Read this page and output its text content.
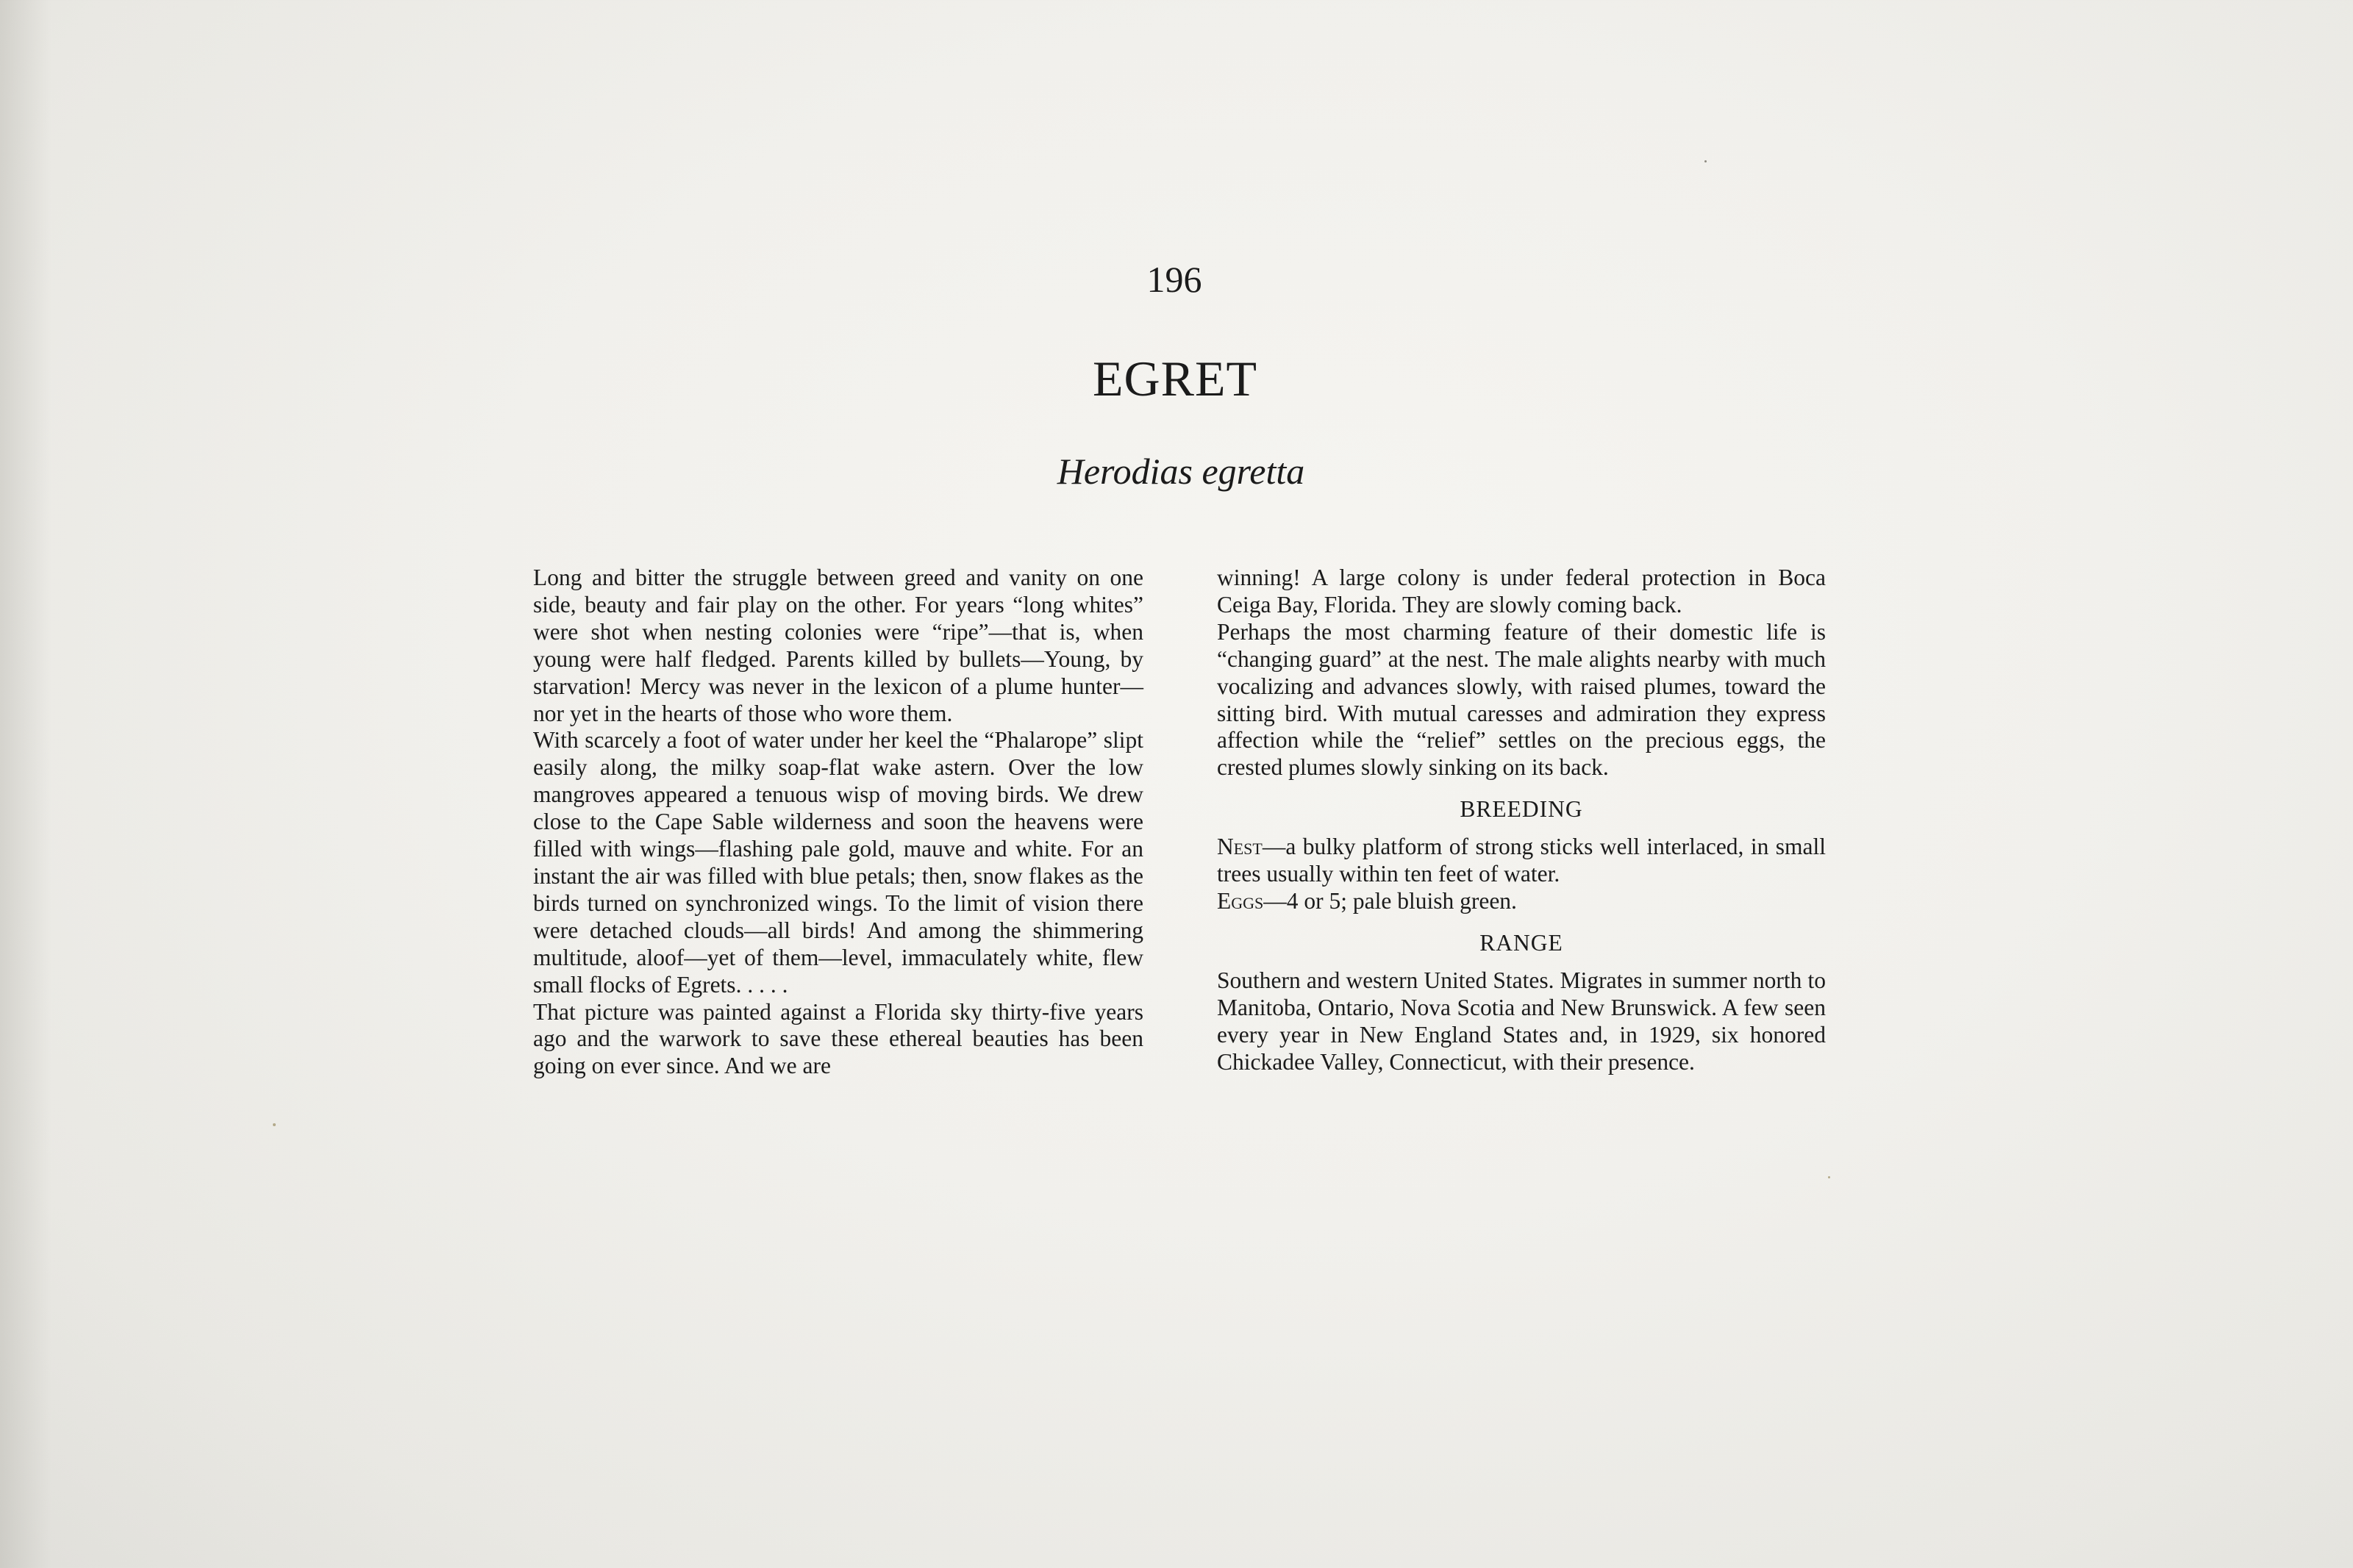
196
EGRET
Herodias egretta

Long and bitter the struggle between greed and vanity on one side, beauty and fair play on the other. For years “long whites” were shot when nesting colonies were “ripe”—that is, when young were half fledged. Parents killed by bullets—Young, by starvation! Mercy was never in the lexicon of a plume hunter—nor yet in the hearts of those who wore them.

With scarcely a foot of water under her keel the “Phalarope” slipt easily along, the milky soap-flat wake astern. Over the low mangroves appeared a tenuous wisp of moving birds. We drew close to the Cape Sable wilderness and soon the heavens were filled with wings—flashing pale gold, mauve and white. For an instant the air was filled with blue petals; then, snow flakes as the birds turned on synchronized wings. To the limit of vision there were detached clouds—all birds! And among the shimmering multitude, aloof—yet of them—level, immaculately white, flew small flocks of Egrets. . . . .

That picture was painted against a Florida sky thirty-five years ago and the warwork to save these ethereal beauties has been going on ever since. And we are

winning! A large colony is under federal protection in Boca Ceiga Bay, Florida. They are slowly coming back.

Perhaps the most charming feature of their domestic life is “changing guard” at the nest. The male alights nearby with much vocalizing and advances slowly, with raised plumes, toward the sitting bird. With mutual caresses and admiration they express affection while the “relief” settles on the precious eggs, the crested plumes slowly sinking on its back.

BREEDING

Nest—a bulky platform of strong sticks well interlaced, in small trees usually within ten feet of water.

Eggs—4 or 5; pale bluish green.

RANGE

Southern and western United States. Migrates in summer north to Manitoba, Ontario, Nova Scotia and New Brunswick. A few seen every year in New England States and, in 1929, six honored Chickadee Valley, Connecticut, with their presence.
